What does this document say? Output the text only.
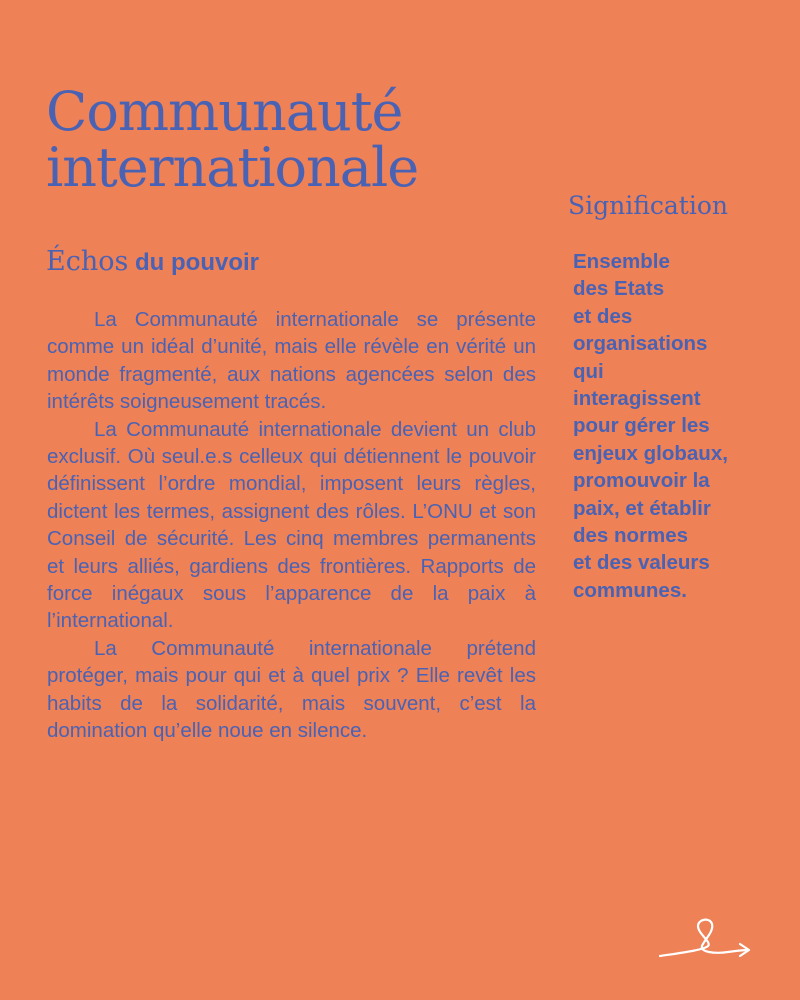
Communauté internationale
Échos du pouvoir

La Communauté internationale se présente comme un idéal d’unité, mais elle révèle en vérité un monde fragmenté, aux nations agencées selon des intérêts soigneusement tracés.

La Communauté internationale devient un club exclusif. Où seul.e.s celleux qui détiennent le pouvoir définissent l’ordre mondial, imposent leurs règles, dictent les termes, assignent des rôles. L’ONU et son Conseil de sécurité. Les cinq membres permanents et leurs alliés, gardiens des frontières. Rapports de force inégaux sous l’apparence de la paix à l’international.

La Communauté internationale prétend protéger, mais pour qui et à quel prix ? Elle revêt les habits de la solidarité, mais souvent, c’est la domination qu’elle noue en silence.

Signification
Ensemble
des Etats
et des
organisations
qui
interagissent
pour gérer les
enjeux globaux,
promouvoir la
paix, et établir
des normes
et des valeurs
communes.
